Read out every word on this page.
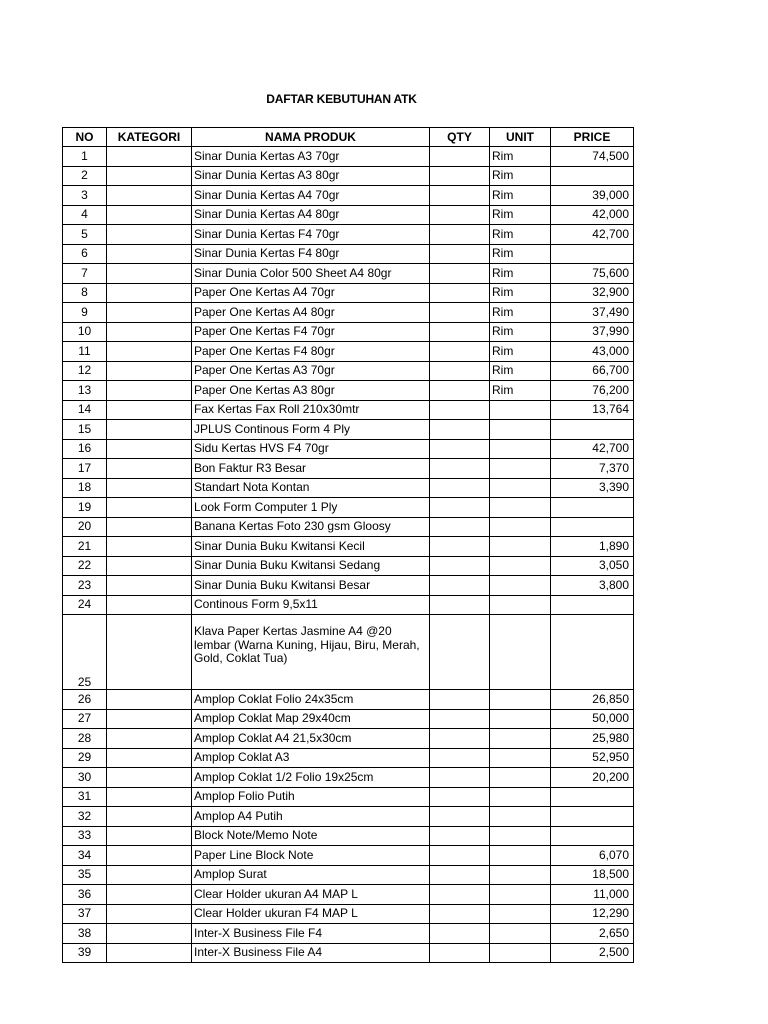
DAFTAR KEBUTUHAN ATK
NO	KATEGORI	NAMA PRODUK	QTY	UNIT	PRICE
1		Sinar Dunia Kertas A3 70gr		Rim	74,500
2		Sinar Dunia Kertas A3 80gr		Rim	
3		Sinar Dunia Kertas A4 70gr		Rim	39,000
4		Sinar Dunia Kertas A4 80gr		Rim	42,000
5		Sinar Dunia Kertas F4 70gr		Rim	42,700
6		Sinar Dunia Kertas F4 80gr		Rim	
7		Sinar Dunia Color 500 Sheet A4 80gr		Rim	75,600
8		Paper One Kertas A4 70gr		Rim	32,900
9		Paper One Kertas A4 80gr		Rim	37,490
10		Paper One Kertas F4 70gr		Rim	37,990
11		Paper One Kertas F4 80gr		Rim	43,000
12		Paper One Kertas A3 70gr		Rim	66,700
13		Paper One Kertas A3 80gr		Rim	76,200
14		Fax Kertas Fax Roll 210x30mtr			13,764
15		JPLUS Continous Form 4 Ply			
16		Sidu Kertas HVS F4 70gr			42,700
17		Bon Faktur R3 Besar			7,370
18		Standart Nota Kontan			3,390
19		Look Form Computer 1 Ply			
20		Banana Kertas Foto 230 gsm Gloosy			
21		Sinar Dunia Buku Kwitansi Kecil			1,890
22		Sinar Dunia Buku Kwitansi Sedang			3,050
23		Sinar Dunia Buku Kwitansi Besar			3,800
24		Continous Form 9,5x11			
25		Klava Paper Kertas Jasmine A4 @20 lembar (Warna Kuning, Hijau, Biru, Merah, Gold, Coklat Tua)			
26		Amplop Coklat Folio 24x35cm			26,850
27		Amplop Coklat Map 29x40cm			50,000
28		Amplop Coklat A4 21,5x30cm			25,980
29		Amplop Coklat A3			52,950
30		Amplop Coklat 1/2 Folio 19x25cm			20,200
31		Amplop Folio Putih			
32		Amplop A4 Putih			
33		Block Note/Memo Note			
34		Paper Line Block Note			6,070
35		Amplop Surat			18,500
36		Clear Holder ukuran A4 MAP L			11,000
37		Clear Holder ukuran F4 MAP L			12,290
38		Inter-X Business File F4			2,650
39		Inter-X Business File A4			2,500
